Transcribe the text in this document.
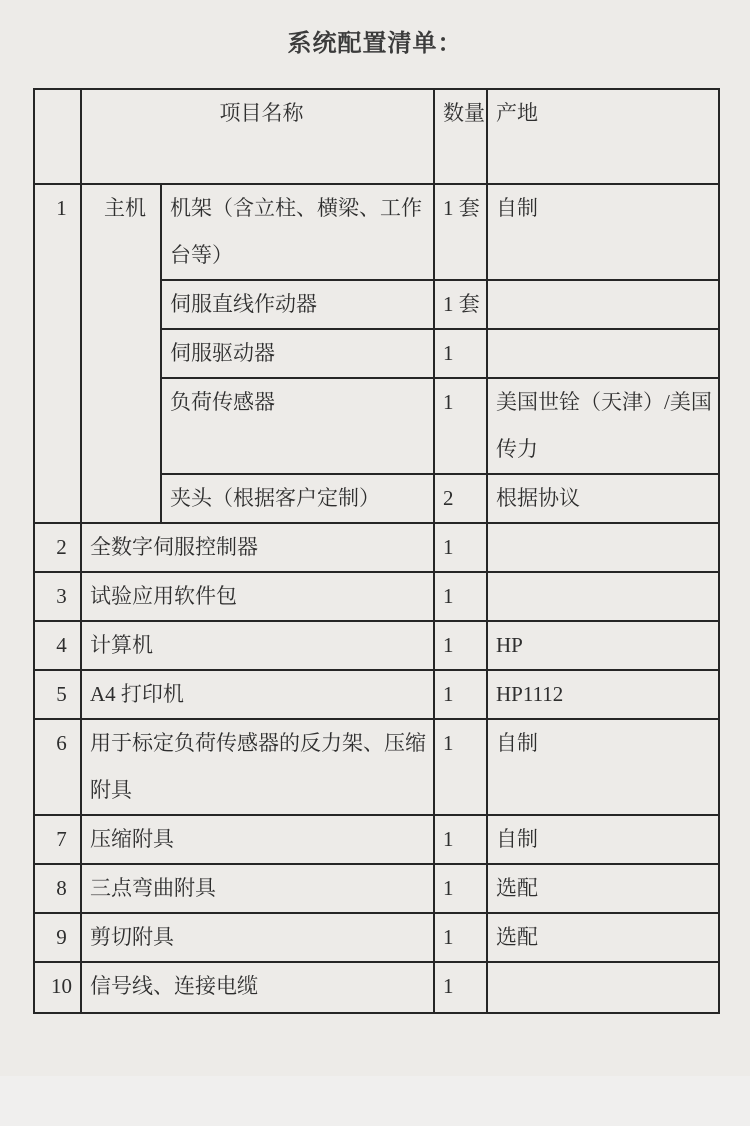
系统配置清单：
	项目名称		数量	产地
1	主机	机架（含立柱、横梁、工作台等）	1 套	自制
		伺服直线作动器	1 套	
		伺服驱动器	1	
		负荷传感器	1	美国世铨（天津）/美国传力
		夹头（根据客户定制）	2	根据协议
2	全数字伺服控制器		1	
3	试验应用软件包		1	
4	计算机		1	HP
5	A4 打印机		1	HP1112
6	用于标定负荷传感器的反力架、压缩附具		1	自制
7	压缩附具		1	自制
8	三点弯曲附具		1	选配
9	剪切附具		1	选配
10	信号线、连接电缆		1	
